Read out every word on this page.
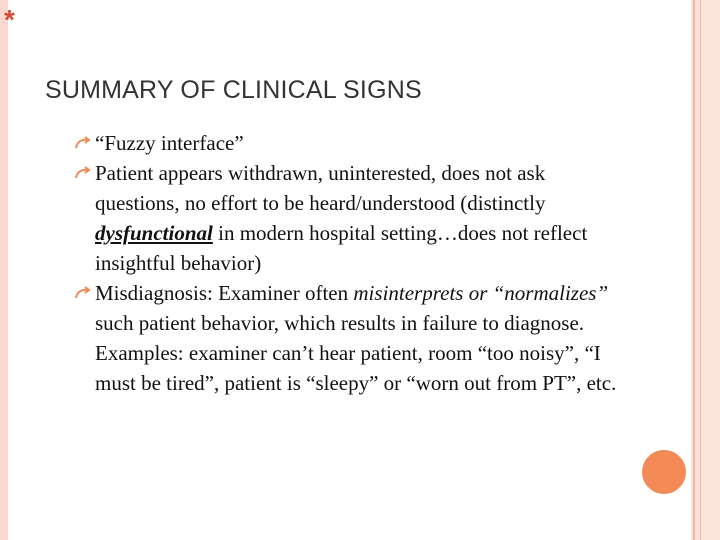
*
SUMMARY OF CLINICAL SIGNS
“Fuzzy interface”
Patient appears withdrawn, uninterested, does not ask questions, no effort to be heard/understood (distinctly dysfunctional in modern hospital setting…does not reflect insightful behavior)
Misdiagnosis: Examiner often misinterprets or “normalizes” such patient behavior, which results in failure to diagnose. Examples: examiner can’t hear patient, room “too noisy”, “I must be tired”, patient is “sleepy” or “worn out from PT”, etc.
